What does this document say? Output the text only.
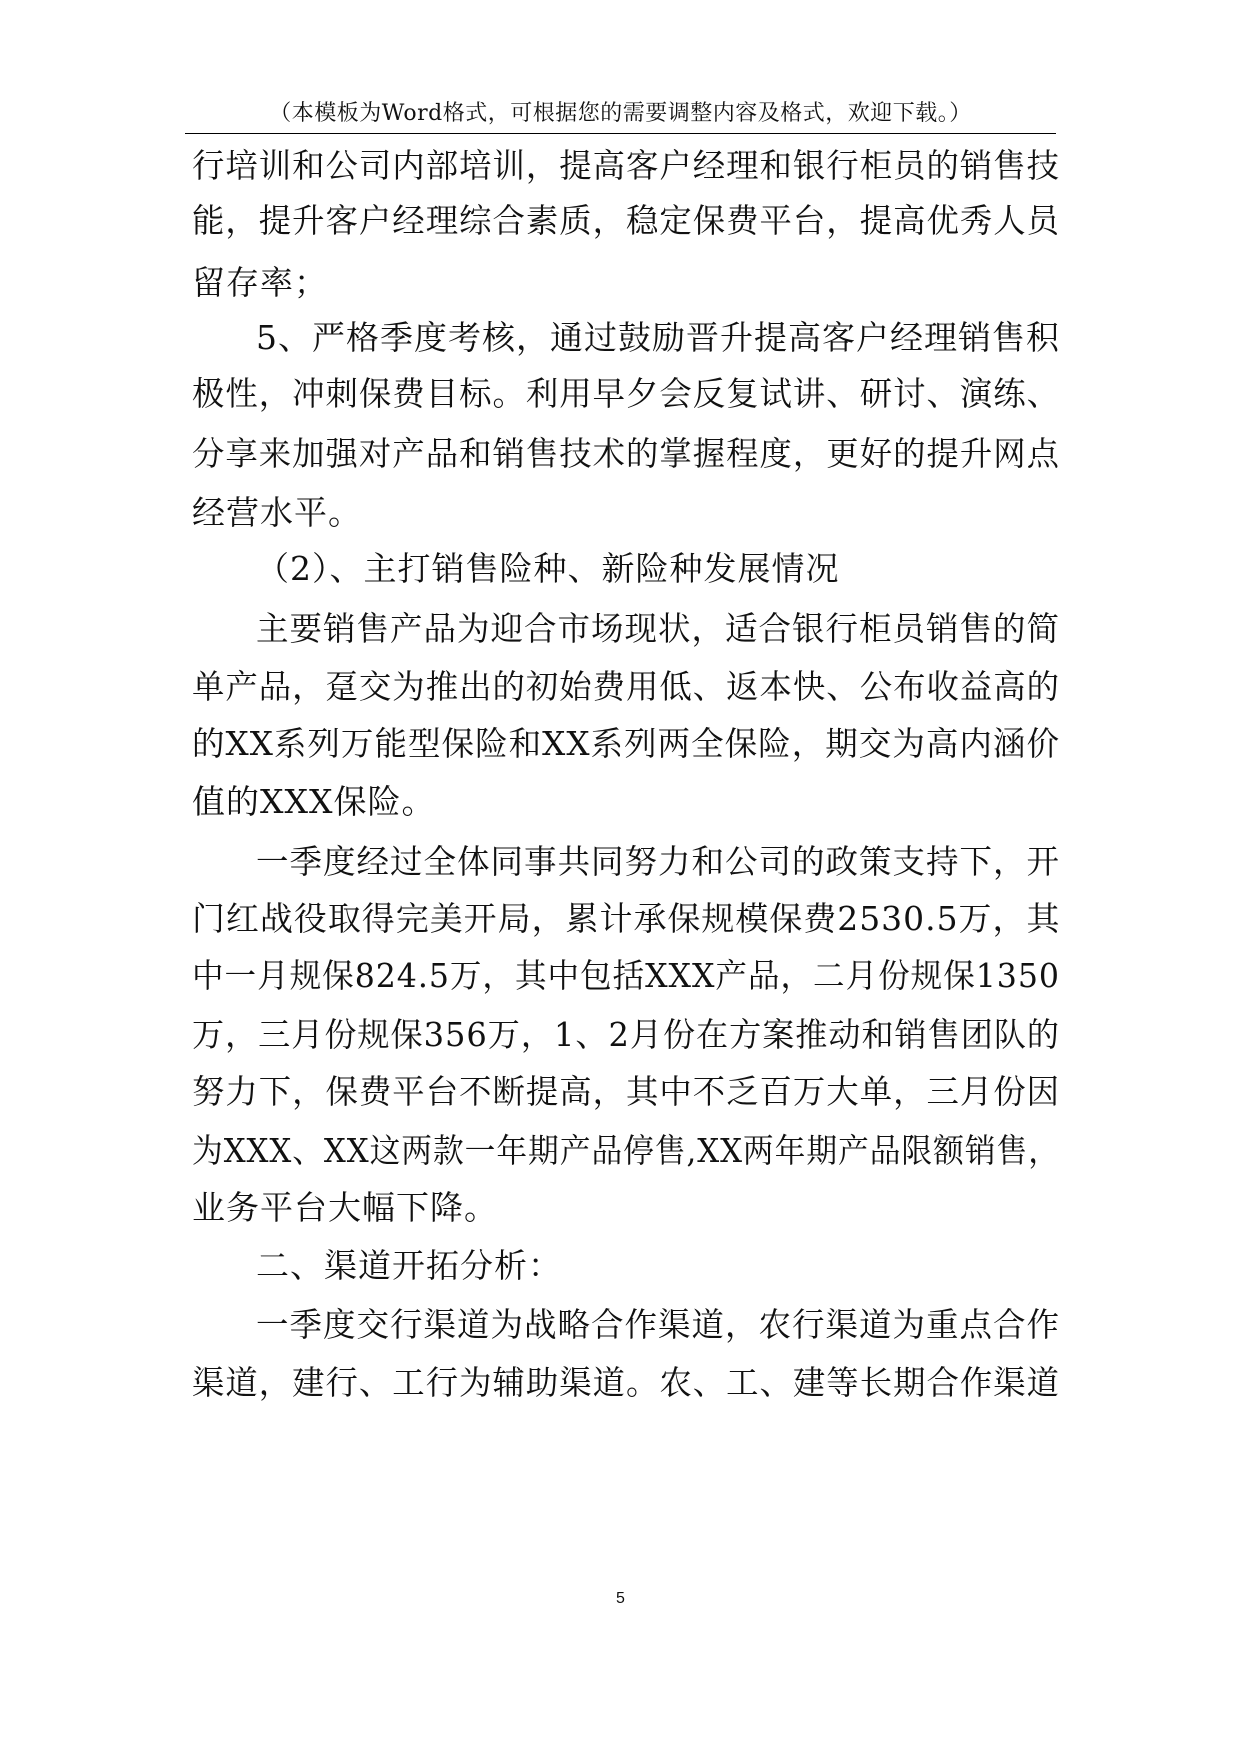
（本模板为Word格式，可根据您的需要调整内容及格式，欢迎下载。）
行培训和公司内部培训，提高客户经理和银行柜员的销售技
能，提升客户经理综合素质，稳定保费平台，提高优秀人员
留存率；
5、严格季度考核，通过鼓励晋升提高客户经理销售积
极性，冲刺保费目标。利用早夕会反复试讲、研讨、演练、
分享来加强对产品和销售技术的掌握程度，更好的提升网点
经营水平。
（2）、主打销售险种、新险种发展情况
主要销售产品为迎合市场现状，适合银行柜员销售的简
单产品，趸交为推出的初始费用低、返本快、公布收益高的
的XX系列万能型保险和XX系列两全保险，期交为高内涵价
值的XXX保险。
一季度经过全体同事共同努力和公司的政策支持下，开
门红战役取得完美开局，累计承保规模保费2530.5万，其
中一月规保824.5万，其中包括XXX产品，二月份规保1350
万，三月份规保356万，1、2月份在方案推动和销售团队的
努力下，保费平台不断提高，其中不乏百万大单，三月份因
为XXX、XX这两款一年期产品停售,XX两年期产品限额销售，
业务平台大幅下降。
二、渠道开拓分析：
一季度交行渠道为战略合作渠道，农行渠道为重点合作
渠道，建行、工行为辅助渠道。农、工、建等长期合作渠道
5
